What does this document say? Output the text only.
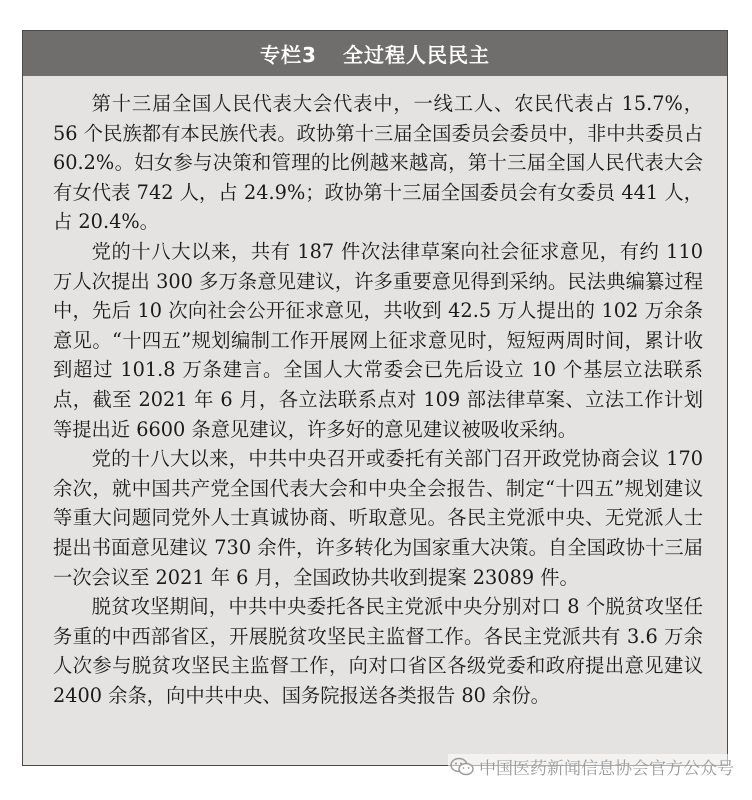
专栏3 全过程人民民主

第十三届全国人民代表大会代表中，一线工人、农民代表占 15.7%，56 个民族都有本民族代表。政协第十三届全国委员会委员中，非中共委员占 60.2%。妇女参与决策和管理的比例越来越高，第十三届全国人民代表大会有女代表 742 人，占 24.9%；政协第十三届全国委员会有女委员 441 人，占 20.4%。

党的十八大以来，共有 187 件次法律草案向社会征求意见，有约 110 万人次提出 300 多万条意见建议，许多重要意见得到采纳。民法典编纂过程中，先后 10 次向社会公开征求意见，共收到 42.5 万人提出的 102 万余条意见。“十四五”规划编制工作开展网上征求意见时，短短两周时间，累计收到超过 101.8 万条建言。全国人大常委会已先后设立 10 个基层立法联系点，截至 2021 年 6 月，各立法联系点对 109 部法律草案、立法工作计划等提出近 6600 条意见建议，许多好的意见建议被吸收采纳。

党的十八大以来，中共中央召开或委托有关部门召开政党协商会议 170 余次，就中国共产党全国代表大会和中央全会报告、制定“十四五”规划建议等重大问题同党外人士真诚协商、听取意见。各民主党派中央、无党派人士提出书面意见建议 730 余件，许多转化为国家重大决策。自全国政协十三届一次会议至 2021 年 6 月，全国政协共收到提案 23089 件。

脱贫攻坚期间，中共中央委托各民主党派中央分别对口 8 个脱贫攻坚任务重的中西部省区，开展脱贫攻坚民主监督工作。各民主党派共有 3.6 万余人次参与脱贫攻坚民主监督工作，向对口省区各级党委和政府提出意见建议 2400 余条，向中共中央、国务院报送各类报告 80 余份。

中国医药新闻信息协会官方公众号
